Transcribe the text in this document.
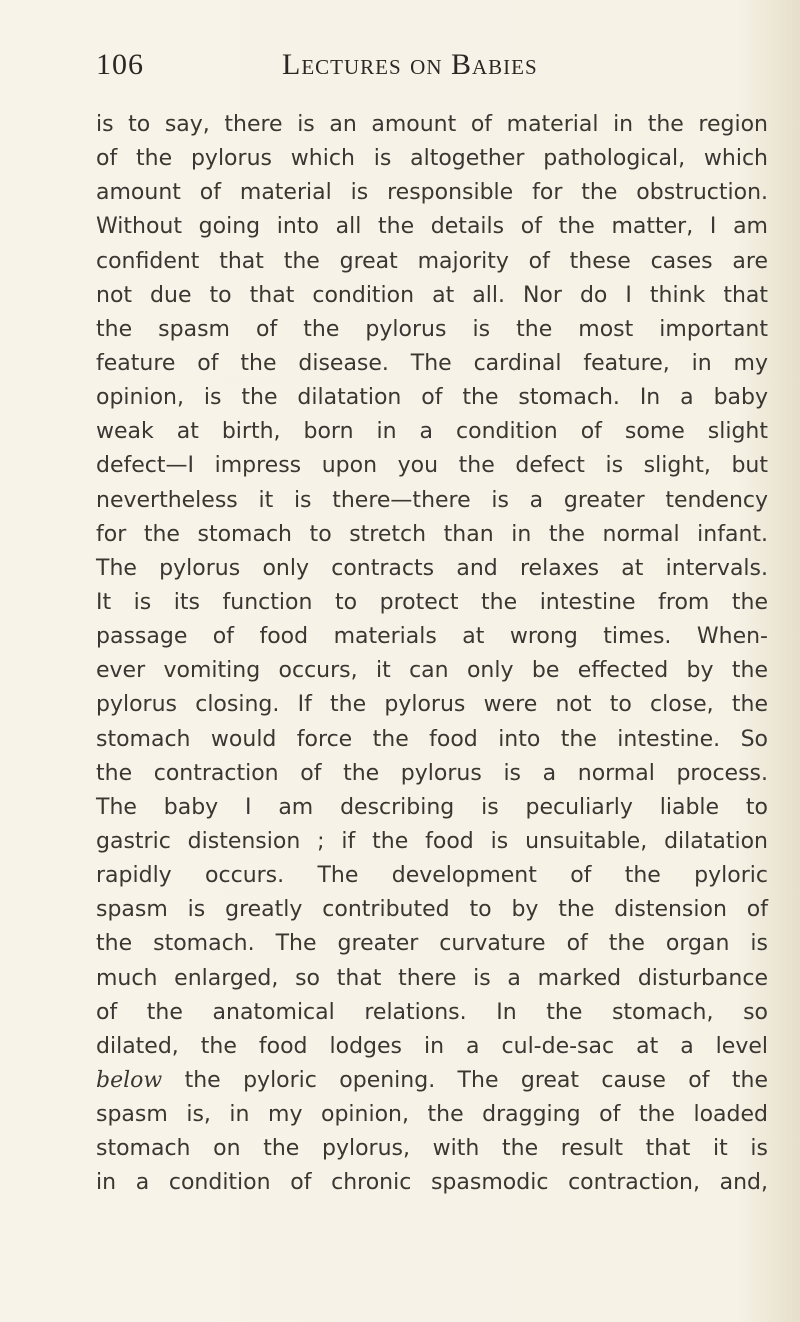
106	Lectures on Babies
is to say, there is an amount of material in the region
of the pylorus which is altogether pathological, which
amount of material is responsible for the obstruction.
Without going into all the details of the matter, I am
confident that the great majority of these cases are
not due to that condition at all. Nor do I think that
the spasm of the pylorus is the most important
feature of the disease. The cardinal feature, in my
opinion, is the dilatation of the stomach. In a baby
weak at birth, born in a condition of some slight
defect—I impress upon you the defect is slight, but
nevertheless it is there—there is a greater tendency
for the stomach to stretch than in the normal infant.
The pylorus only contracts and relaxes at intervals.
It is its function to protect the intestine from the
passage of food materials at wrong times. When-
ever vomiting occurs, it can only be effected by the
pylorus closing. If the pylorus were not to close, the
stomach would force the food into the intestine. So
the contraction of the pylorus is a normal process.
The baby I am describing is peculiarly liable to
gastric distension ; if the food is unsuitable, dilatation
rapidly occurs. The development of the pyloric
spasm is greatly contributed to by the distension of
the stomach. The greater curvature of the organ is
much enlarged, so that there is a marked disturbance
of the anatomical relations. In the stomach, so
dilated, the food lodges in a cul-de-sac at a level
below the pyloric opening. The great cause of the
spasm is, in my opinion, the dragging of the loaded
stomach on the pylorus, with the result that it is
in a condition of chronic spasmodic contraction, and,
